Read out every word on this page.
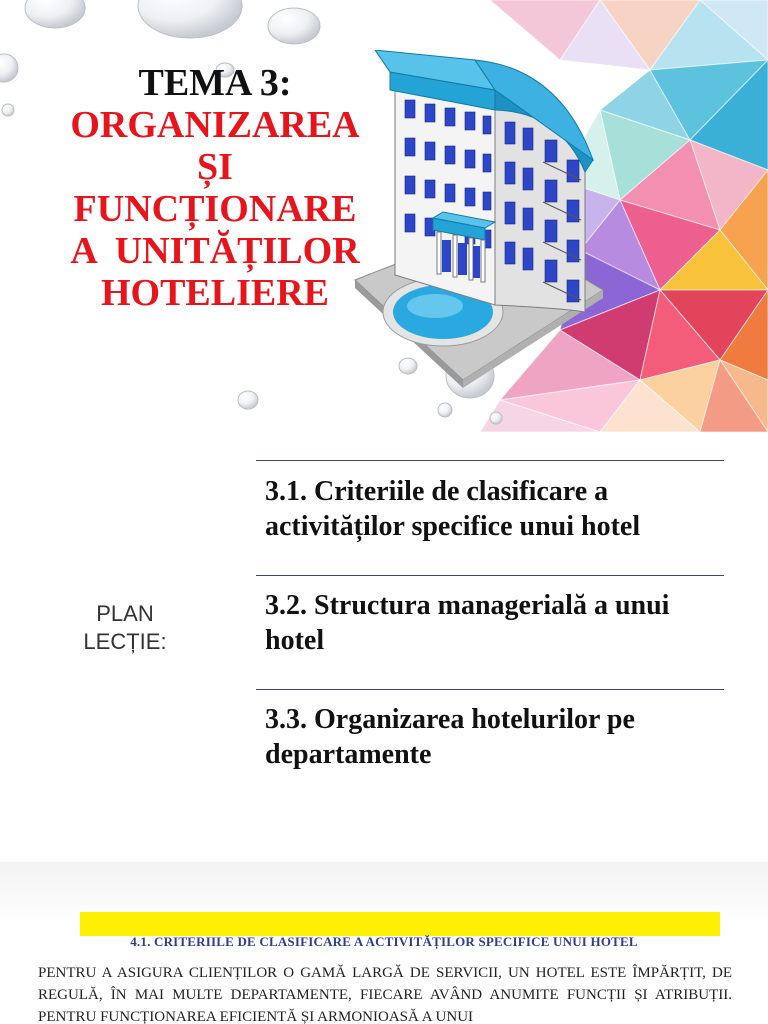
TEMA 3:
ORGANIZAREA
ȘI
FUNCȚIONARE
A  UNITĂȚILOR
HOTELIERE
PLAN LECȚIE:
3.1. Criteriile de clasificare a activităților specifice unui hotel
3.2. Structura managerială a unui hotel
3.3. Organizarea hotelurilor pe departamente
4.1. CRITERIILE DE CLASIFICARE A ACTIVITĂȚILOR SPECIFICE UNUI HOTEL
PENTRU A ASIGURA CLIENȚILOR O GAMĂ LARGĂ DE SERVICII, UN HOTEL ESTE ÎMPĂRȚIT, DE REGULĂ, ÎN MAI MULTE DEPARTAMENTE, FIECARE AVÂND ANUMITE FUNCȚII ȘI ATRIBUȚII. PENTRU FUNCȚIONAREA EFICIENTĂ ȘI ARMONIOASĂ A UNUI
